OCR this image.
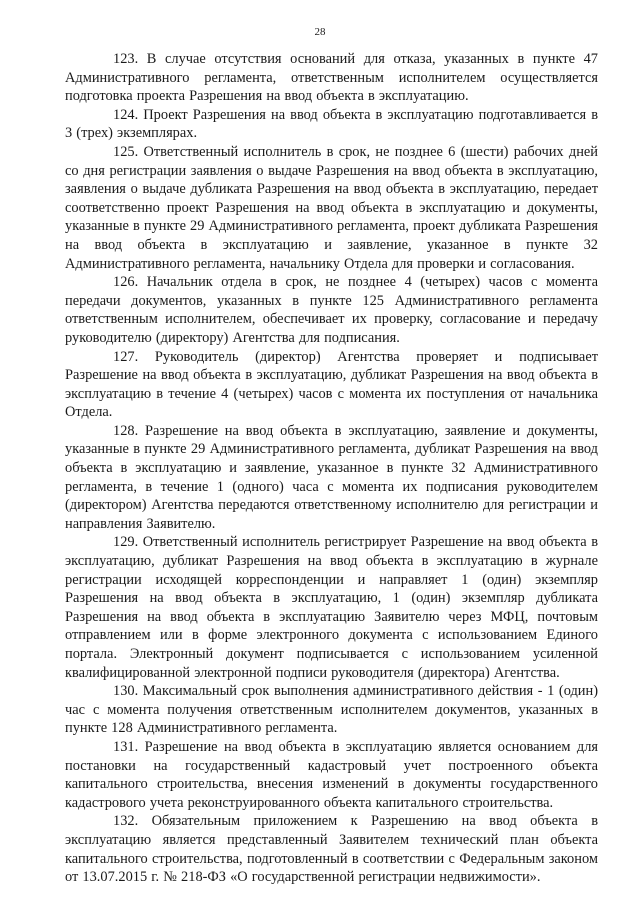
28

123. В случае отсутствия оснований для отказа, указанных в пункте 47 Административного регламента, ответственным исполнителем осуществляется подготовка проекта Разрешения на ввод объекта в эксплуатацию.

124. Проект Разрешения на ввод объекта в эксплуатацию подготавливается в 3 (трех) экземплярах.

125. Ответственный исполнитель в срок, не позднее 6 (шести) рабочих дней со дня регистрации заявления о выдаче Разрешения на ввод объекта в эксплуатацию, заявления о выдаче дубликата Разрешения на ввод объекта в эксплуатацию, передает соответственно проект Разрешения на ввод объекта в эксплуатацию и документы, указанные в пункте 29 Административного регламента, проект дубликата Разрешения на ввод объекта в эксплуатацию и заявление, указанное в пункте 32 Административного регламента, начальнику Отдела для проверки и согласования.

126. Начальник отдела в срок, не позднее 4 (четырех) часов с момента передачи документов, указанных в пункте 125 Административного регламента ответственным исполнителем, обеспечивает их проверку, согласование и передачу руководителю (директору) Агентства для подписания.

127. Руководитель (директор) Агентства проверяет и подписывает Разрешение на ввод объекта в эксплуатацию, дубликат Разрешения на ввод объекта в эксплуатацию в течение 4 (четырех) часов с момента их поступления от начальника Отдела.

128. Разрешение на ввод объекта в эксплуатацию, заявление и документы, указанные в пункте 29 Административного регламента, дубликат Разрешения на ввод объекта в эксплуатацию и заявление, указанное в пункте 32 Административного регламента, в течение 1 (одного) часа с момента их подписания руководителем (директором) Агентства передаются ответственному исполнителю для регистрации и направления Заявителю.

129. Ответственный исполнитель регистрирует Разрешение на ввод объекта в эксплуатацию, дубликат Разрешения на ввод объекта в эксплуатацию в журнале регистрации исходящей корреспонденции и направляет 1 (один) экземпляр Разрешения на ввод объекта в эксплуатацию, 1 (один) экземпляр дубликата Разрешения на ввод объекта в эксплуатацию Заявителю через МФЦ, почтовым отправлением или в форме электронного документа с использованием Единого портала. Электронный документ подписывается с использованием усиленной квалифицированной электронной подписи руководителя (директора) Агентства.

130. Максимальный срок выполнения административного действия - 1 (один) час с момента получения ответственным исполнителем документов, указанных в пункте 128 Административного регламента.

131. Разрешение на ввод объекта в эксплуатацию является основанием для постановки на государственный кадастровый учет построенного объекта капитального строительства, внесения изменений в документы государственного кадастрового учета реконструированного объекта капитального строительства.

132. Обязательным приложением к Разрешению на ввод объекта в эксплуатацию является представленный Заявителем технический план объекта капитального строительства, подготовленный в соответствии с Федеральным законом от 13.07.2015 г. № 218-ФЗ «О государственной регистрации недвижимости».
